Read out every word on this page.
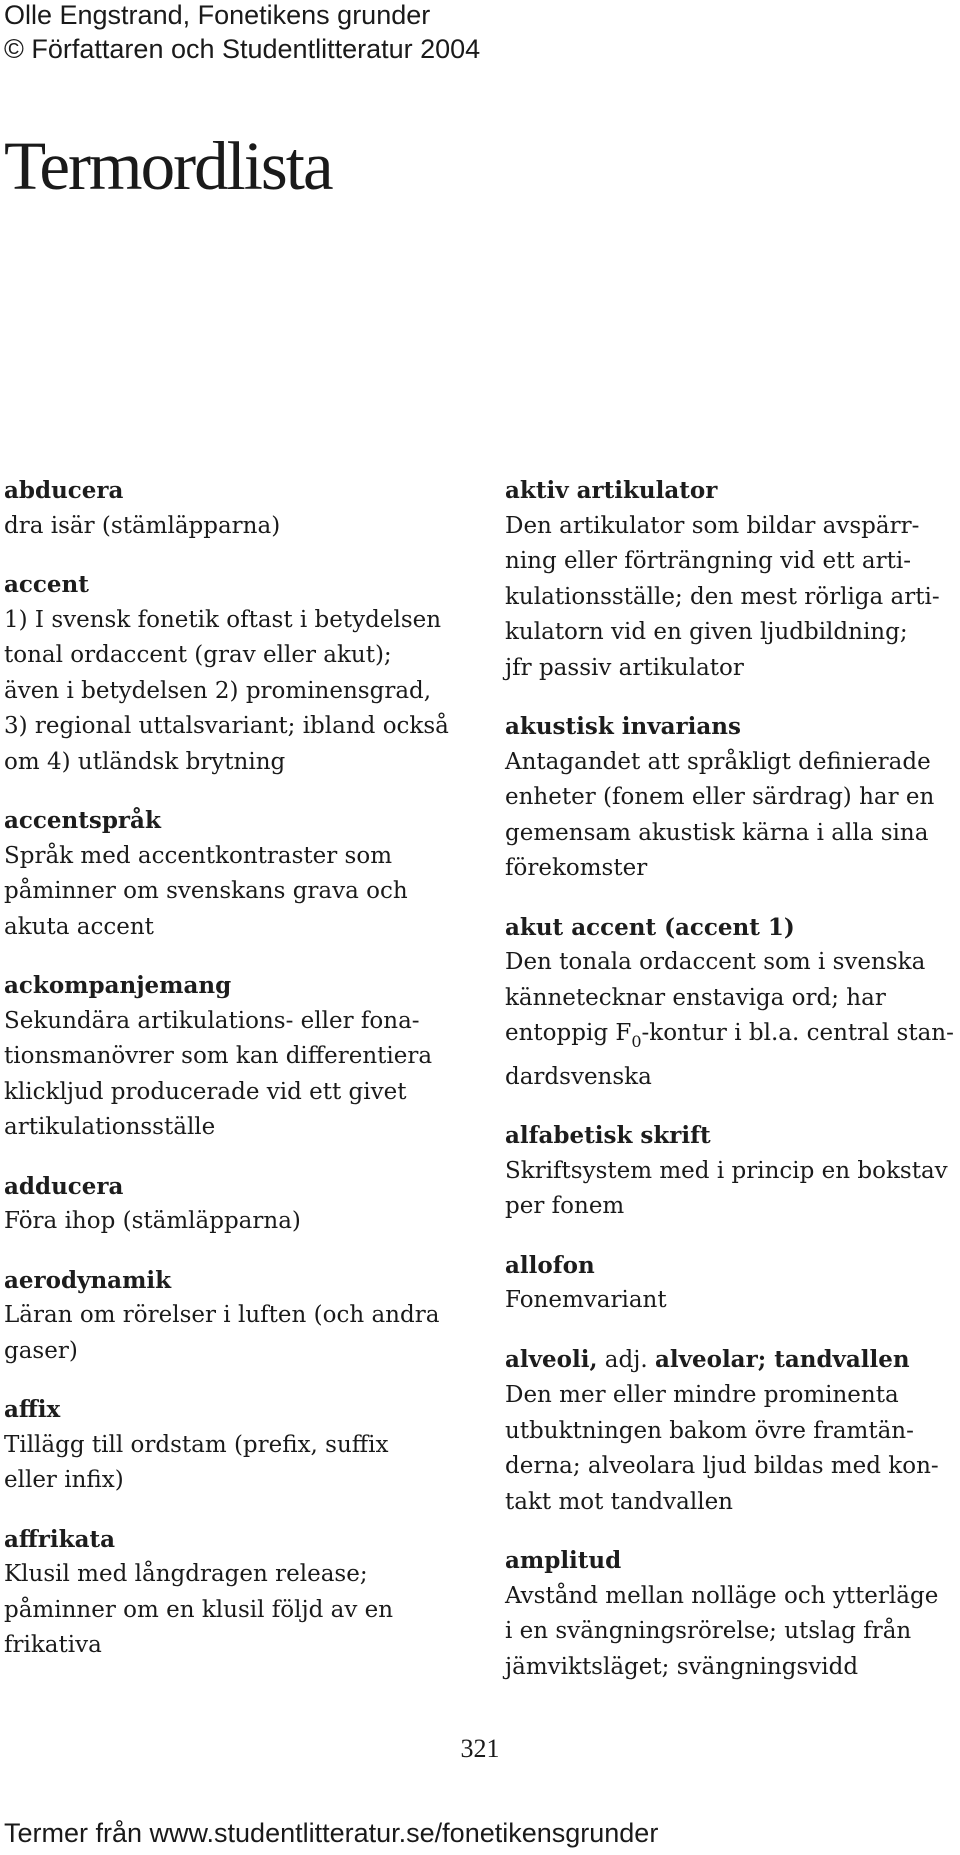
Olle Engstrand, Fonetikens grunder
© Författaren och Studentlitteratur 2004
Termordlista
abducera
dra isär (stämläpparna)
accent
1) I svensk fonetik oftast i betydelsen
tonal ordaccent (grav eller akut);
även i betydelsen 2) prominensgrad,
3) regional uttalsvariant; ibland också
om 4) utländsk brytning
accentspråk
Språk med accentkontraster som
påminner om svenskans grava och
akuta accent
ackompanjemang
Sekundära artikulations- eller fona-
tionsmanövrer som kan differentiera
klickljud producerade vid ett givet
artikulationsställe
adducera
Föra ihop (stämläpparna)
aerodynamik
Läran om rörelser i luften (och andra
gaser)
affix
Tillägg till ordstam (prefix, suffix
eller infix)
affrikata
Klusil med långdragen release;
påminner om en klusil följd av en
frikativa
aktiv artikulator
Den artikulator som bildar avspärr-
ning eller förträngning vid ett arti-
kulationsställe; den mest rörliga arti-
kulatorn vid en given ljudbildning;
jfr passiv artikulator
akustisk invarians
Antagandet att språkligt definierade
enheter (fonem eller särdrag) har en
gemensam akustisk kärna i alla sina
förekomster
akut accent (accent 1)
Den tonala ordaccent som i svenska
kännetecknar enstaviga ord; har
entoppig $F_0$-kontur i bl.a. central stan-
dardsvenska
alfabetisk skrift
Skriftsystem med i princip en bokstav
per fonem
allofon
Fonemvariant
alveoli, adj. alveolar; tandvallen
Den mer eller mindre prominenta
utbuktningen bakom övre framtän-
derna; alveolara ljud bildas med kon-
takt mot tandvallen
amplitud
Avstånd mellan nolläge och ytterläge
i en svängningsrörelse; utslag från
jämviktsläget; svängningsvidd
321
Termer från www.studentlitteratur.se/fonetikensgrunder
